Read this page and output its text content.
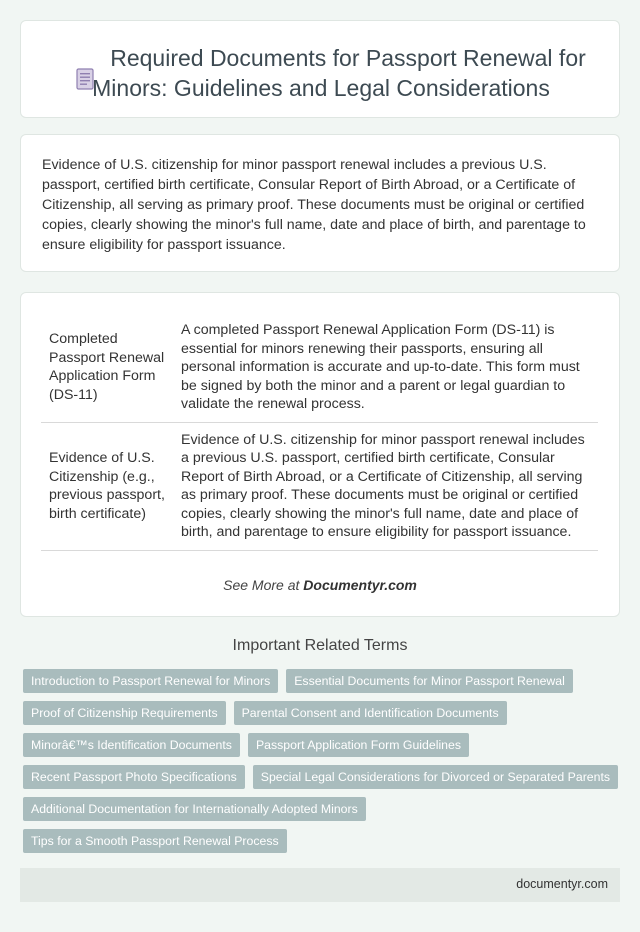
Required Documents for Passport Renewal for
Minors: Guidelines and Legal Considerations

Evidence of U.S. citizenship for minor passport renewal includes a previous U.S. passport, certified birth certificate, Consular Report of Birth Abroad, or a Certificate of Citizenship, all serving as primary proof. These documents must be original or certified copies, clearly showing the minor's full name, date and place of birth, and parentage to ensure eligibility for passport issuance.

Completed Passport Renewal Application Form (DS-11)	A completed Passport Renewal Application Form (DS-11) is essential for minors renewing their passports, ensuring all personal information is accurate and up-to-date. This form must be signed by both the minor and a parent or legal guardian to validate the renewal process.
Evidence of U.S. Citizenship (e.g., previous passport, birth certificate)	Evidence of U.S. citizenship for minor passport renewal includes a previous U.S. passport, certified birth certificate, Consular Report of Birth Abroad, or a Certificate of Citizenship, all serving as primary proof. These documents must be original or certified copies, clearly showing the minor's full name, date and place of birth, and parentage to ensure eligibility for passport issuance.
See More at Documentyr.com
Important Related Terms
Introduction to Passport Renewal for Minors	Essential Documents for Minor Passport Renewal
Proof of Citizenship Requirements	Parental Consent and Identification Documents
Minorâ€™s Identification Documents	Passport Application Form Guidelines
Recent Passport Photo Specifications	Special Legal Considerations for Divorced or Separated Parents
Additional Documentation for Internationally Adopted Minors
Tips for a Smooth Passport Renewal Process
documentyr.com
